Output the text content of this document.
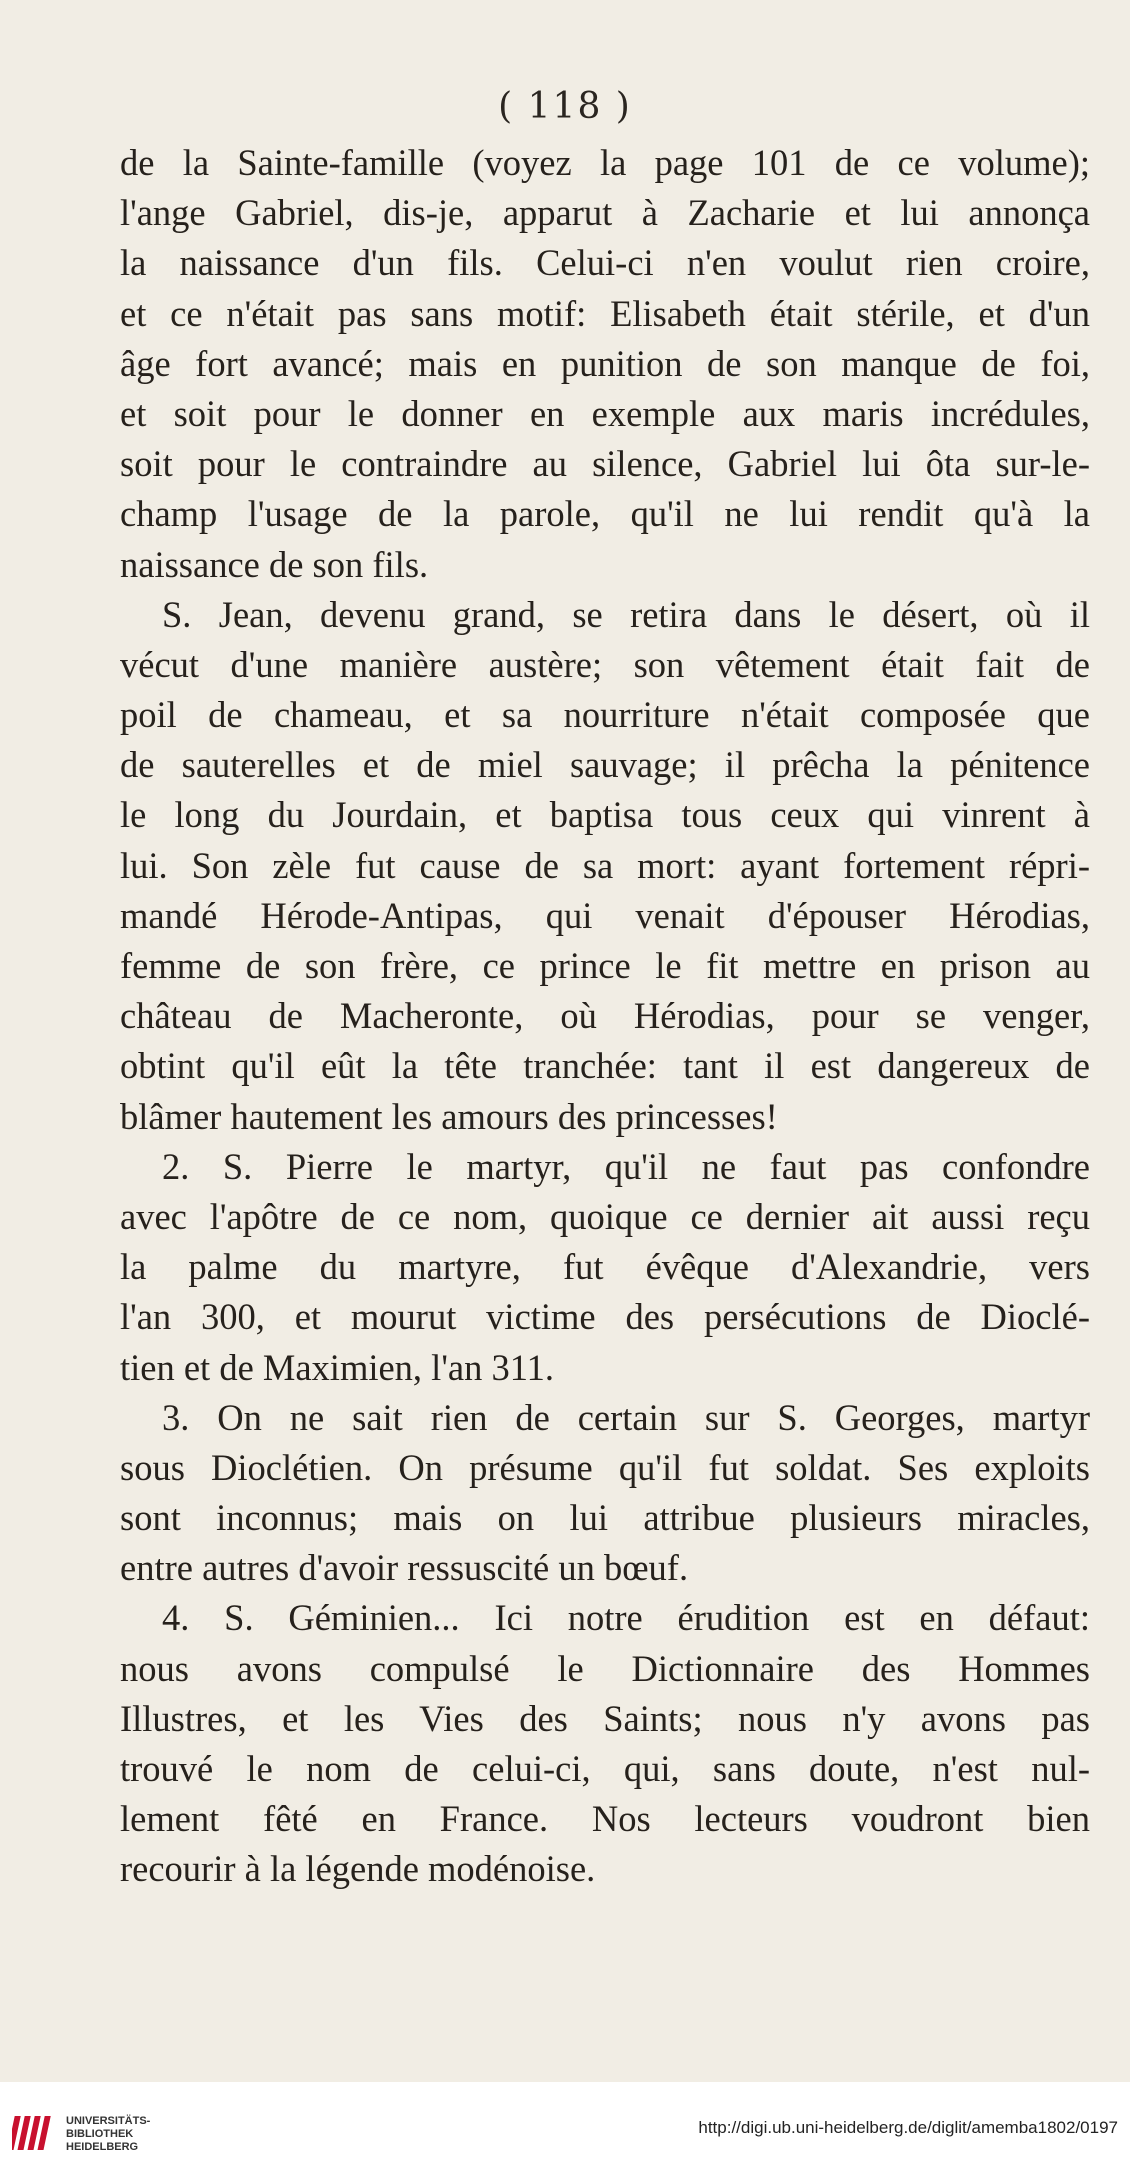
( 118 )
de la Sainte-famille (voyez la page 101 de ce volume);
l'ange Gabriel, dis-je, apparut à Zacharie et lui annonça
la naissance d'un fils. Celui-ci n'en voulut rien croire,
et ce n'était pas sans motif: Elisabeth était stérile, et d'un
âge fort avancé; mais en punition de son manque de foi,
et soit pour le donner en exemple aux maris incrédules,
soit pour le contraindre au silence, Gabriel lui ôta sur-le-
champ l'usage de la parole, qu'il ne lui rendit qu'à la
naissance de son fils.
S. Jean, devenu grand, se retira dans le désert, où il
vécut d'une manière austère; son vêtement était fait de
poil de chameau, et sa nourriture n'était composée que
de sauterelles et de miel sauvage; il prêcha la pénitence
le long du Jourdain, et baptisa tous ceux qui vinrent à
lui. Son zèle fut cause de sa mort: ayant fortement répri-
mandé Hérode-Antipas, qui venait d'épouser Hérodias,
femme de son frère, ce prince le fit mettre en prison au
château de Macheronte, où Hérodias, pour se venger,
obtint qu'il eût la tête tranchée: tant il est dangereux de
blâmer hautement les amours des princesses!
2. S. Pierre le martyr, qu'il ne faut pas confondre
avec l'apôtre de ce nom, quoique ce dernier ait aussi reçu
la palme du martyre, fut évêque d'Alexandrie, vers
l'an 300, et mourut victime des persécutions de Dioclé-
tien et de Maximien, l'an 311.
3. On ne sait rien de certain sur S. Georges, martyr
sous Dioclétien. On présume qu'il fut soldat. Ses exploits
sont inconnus; mais on lui attribue plusieurs miracles,
entre autres d'avoir ressuscité un bœuf.
4. S. Géminien... Ici notre érudition est en défaut:
nous avons compulsé le Dictionnaire des Hommes
Illustres, et les Vies des Saints; nous n'y avons pas
trouvé le nom de celui-ci, qui, sans doute, n'est nul-
lement fêté en France. Nos lecteurs voudront bien
recourir à la légende modénoise.
UNIVERSITÄTS-
BIBLIOTHEK
HEIDELBERG
http://digi.ub.uni-heidelberg.de/diglit/amemba1802/0197
